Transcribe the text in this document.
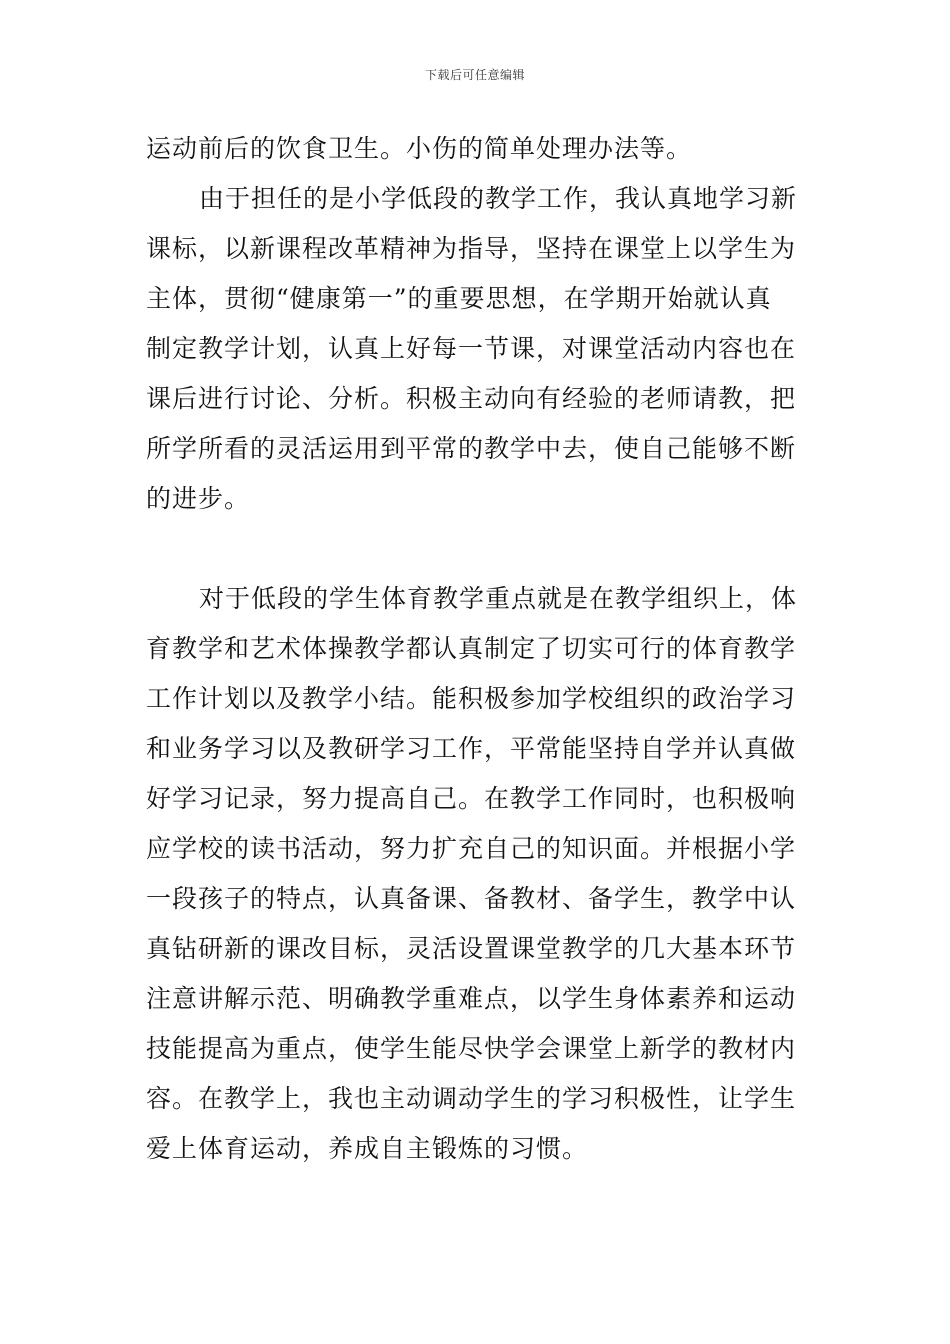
下载后可任意编辑
运动前后的饮食卫生。小伤的简单处理办法等。
由于担任的是小学低段的教学工作，我认真地学习新
课标，以新课程改革精神为指导，坚持在课堂上以学生为
主体，贯彻“健康第一”的重要思想，在学期开始就认真
制定教学计划，认真上好每一节课，对课堂活动内容也在
课后进行讨论、分析。积极主动向有经验的老师请教，把
所学所看的灵活运用到平常的教学中去，使自己能够不断
的进步。
对于低段的学生体育教学重点就是在教学组织上，体
育教学和艺术体操教学都认真制定了切实可行的体育教学
工作计划以及教学小结。能积极参加学校组织的政治学习
和业务学习以及教研学习工作，平常能坚持自学并认真做
好学习记录，努力提高自己。在教学工作同时，也积极响
应学校的读书活动，努力扩充自己的知识面。并根据小学
一段孩子的特点，认真备课、备教材、备学生，教学中认
真钻研新的课改目标，灵活设置课堂教学的几大基本环节
注意讲解示范、明确教学重难点，以学生身体素养和运动
技能提高为重点，使学生能尽快学会课堂上新学的教材内
容。在教学上，我也主动调动学生的学习积极性，让学生
爱上体育运动，养成自主锻炼的习惯。
